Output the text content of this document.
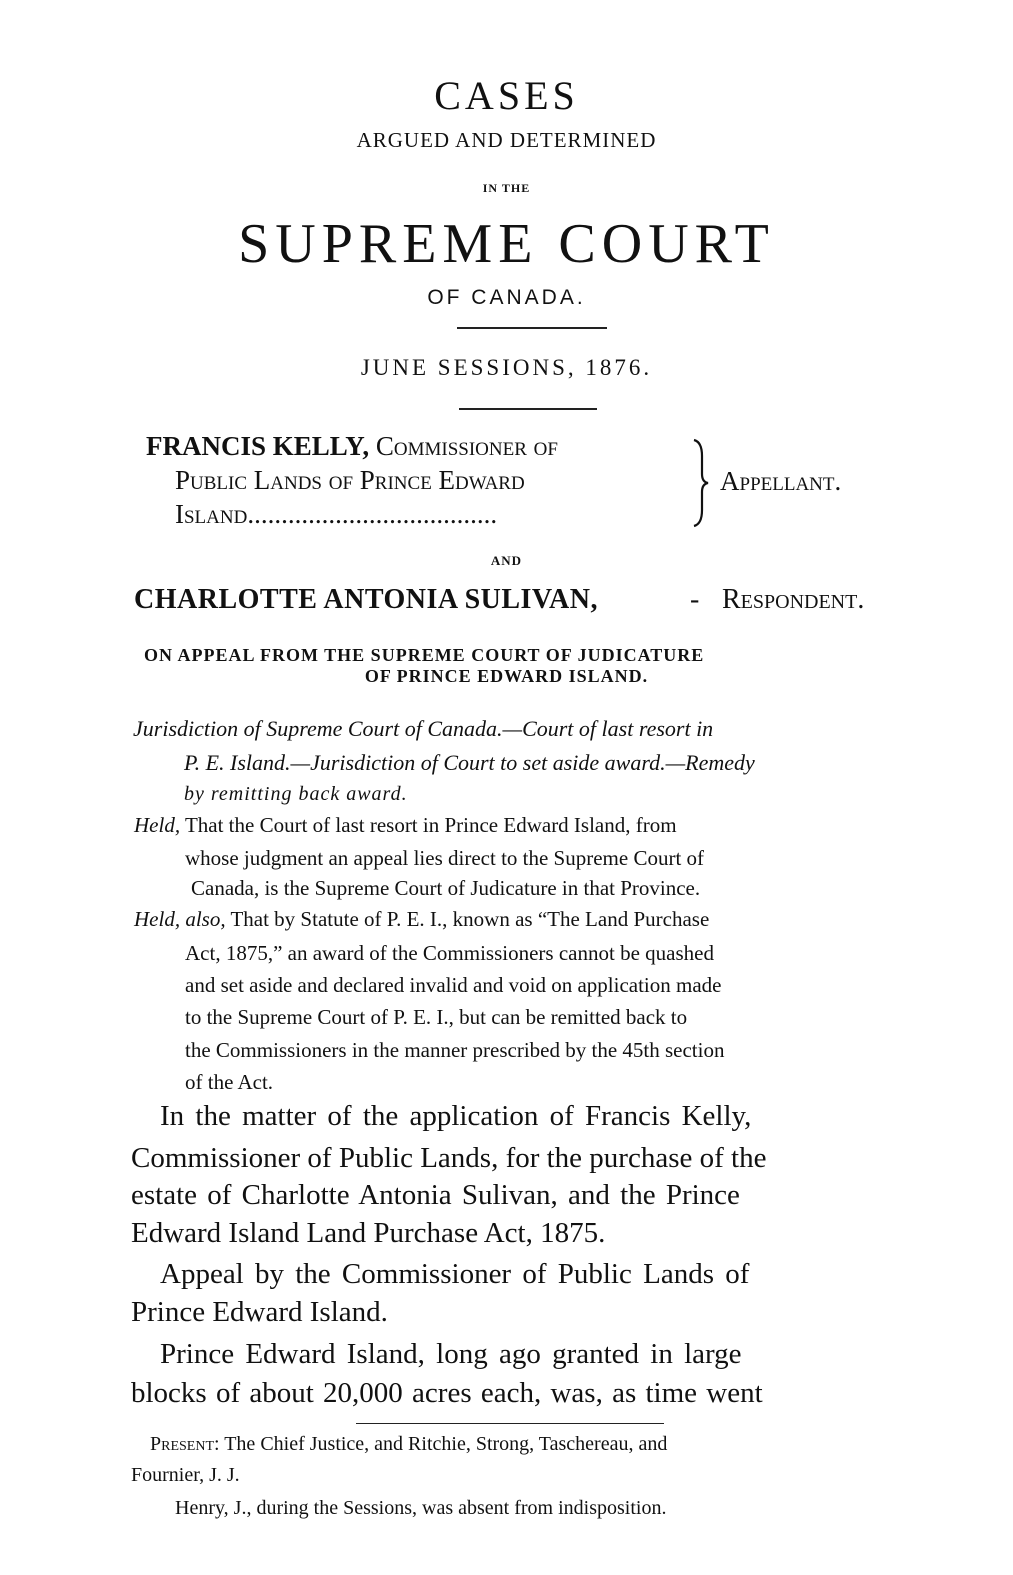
CASES
ARGUED AND DETERMINED
IN THE
SUPREME COURT
OF CANADA.
JUNE SESSIONS, 1876.
FRANCIS KELLY, Commissioner of
Public Lands of Prince Edward
Island.....................................
Appellant.
AND
CHARLOTTE ANTONIA SULIVAN,	- Respondent.
ON APPEAL FROM THE SUPREME COURT OF JUDICATURE
OF PRINCE EDWARD ISLAND.
Jurisdiction of Supreme Court of Canada.—Court of last resort in
P. E. Island.—Jurisdiction of Court to set aside award.—Remedy
by remitting back award.
Held, That the Court of last resort in Prince Edward Island, from
whose judgment an appeal lies direct to the Supreme Court of
Canada, is the Supreme Court of Judicature in that Province.
Held, also, That by Statute of P. E. I., known as “The Land Purchase
Act, 1875,” an award of the Commissioners cannot be quashed
and set aside and declared invalid and void on application made
to the Supreme Court of P. E. I., but can be remitted back to
the Commissioners in the manner prescribed by the 45th section
of the Act.
In the matter of the application of Francis Kelly,
Commissioner of Public Lands, for the purchase of the
estate of Charlotte Antonia Sulivan, and the Prince
Edward Island Land Purchase Act, 1875.
Appeal by the Commissioner of Public Lands of
Prince Edward Island.
Prince Edward Island, long ago granted in large
blocks of about 20,000 acres each, was, as time went
Present: The Chief Justice, and Ritchie, Strong, Taschereau, and
Fournier, J. J.
Henry, J., during the Sessions, was absent from indisposition.
